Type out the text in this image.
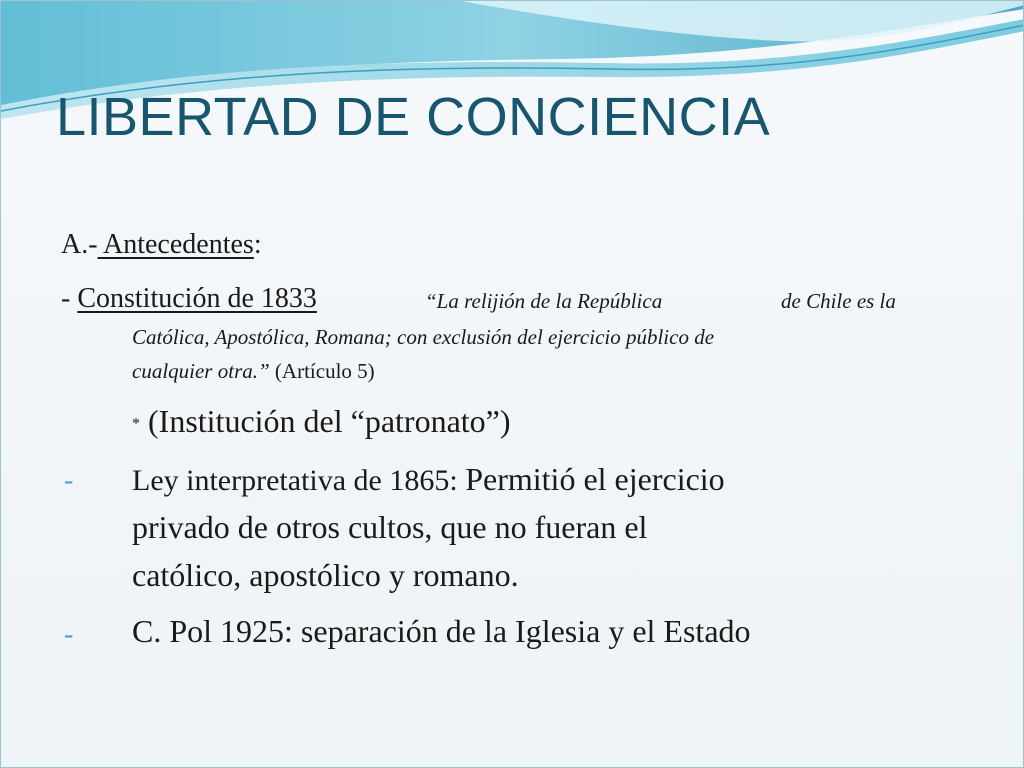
LIBERTAD DE CONCIENCIA
A.- Antecedentes:
- Constitución de 1833	“La relijión de la República	de Chile es la
Católica, Apostólica, Romana; con exclusión del ejercicio público de
cualquier otra.” (Artículo 5)
* (Institución del “patronato”)
- Ley interpretativa de 1865: Permitió el ejercicio
privado de otros cultos, que no fueran el
católico, apostólico y romano.
- C. Pol 1925: separación de la Iglesia y el Estado
